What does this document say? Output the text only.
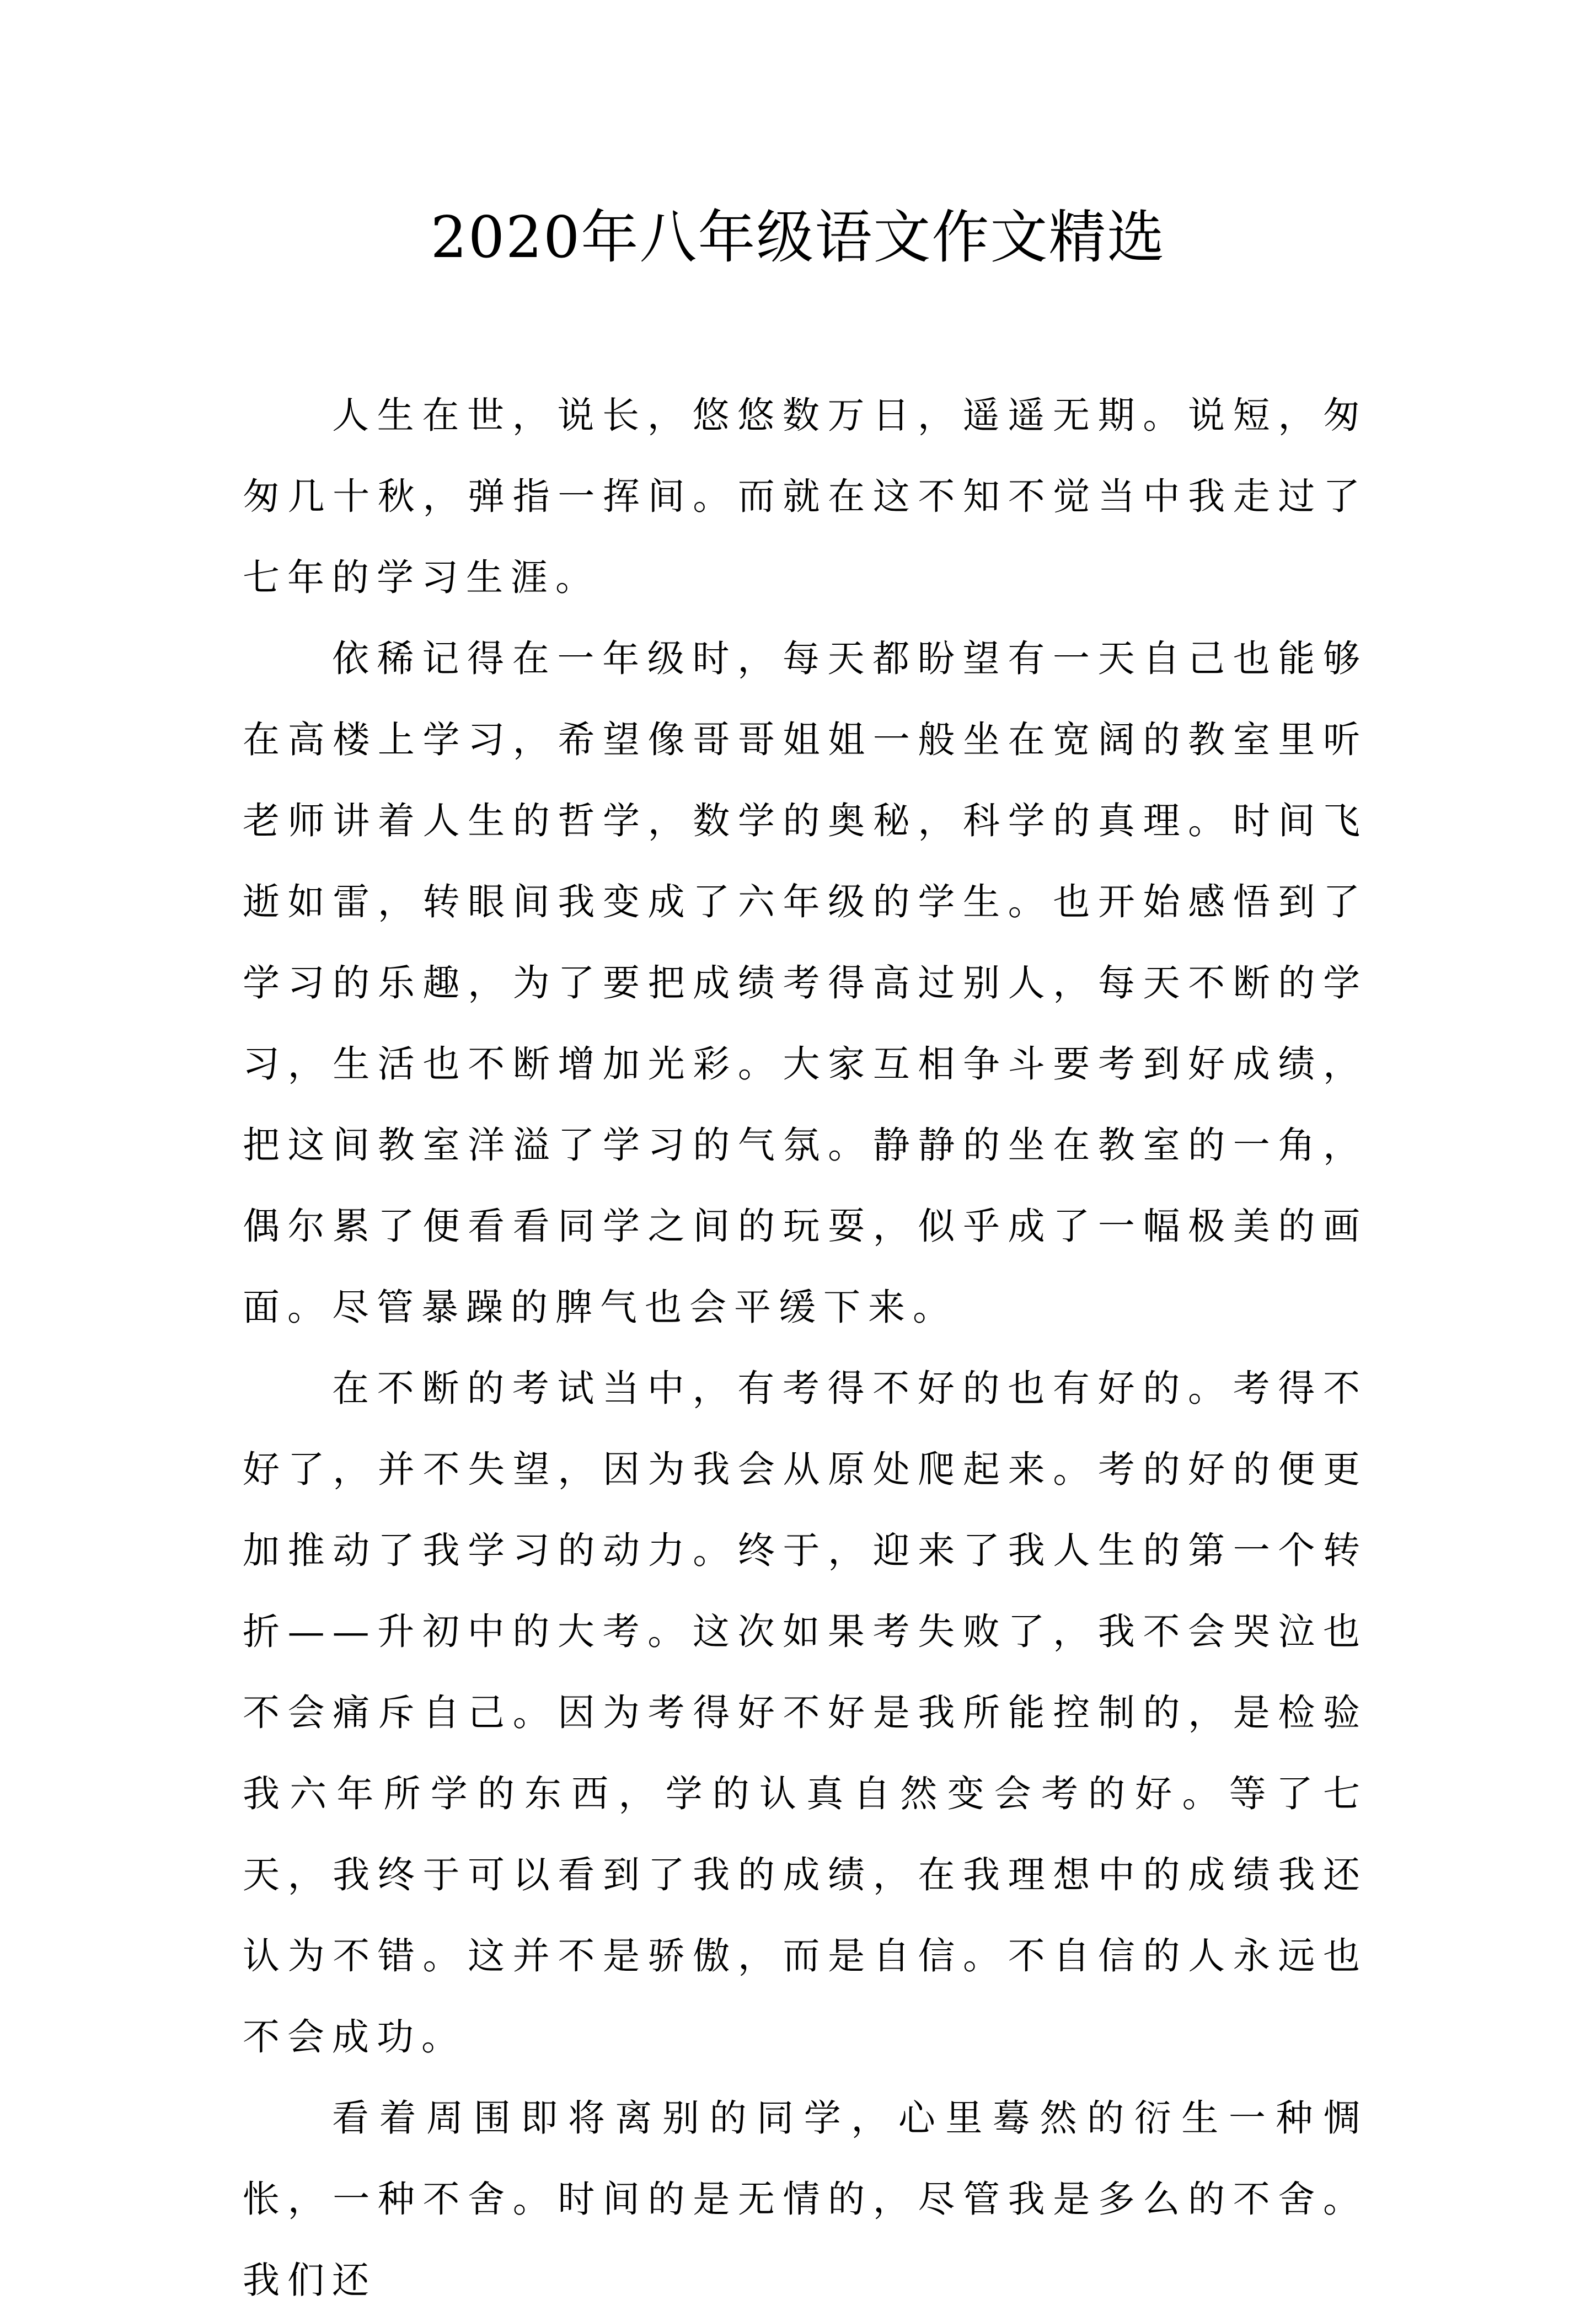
2020年八年级语文作文精选

人生在世，说长，悠悠数万日，遥遥无期。说短，匆匆几十秋，弹指一挥间。而就在这不知不觉当中我走过了七年的学习生涯。

依稀记得在一年级时，每天都盼望有一天自己也能够在高楼上学习，希望像哥哥姐姐一般坐在宽阔的教室里听老师讲着人生的哲学，数学的奥秘，科学的真理。时间飞逝如雷，转眼间我变成了六年级的学生。也开始感悟到了学习的乐趣，为了要把成绩考得高过别人，每天不断的学习，生活也不断增加光彩。大家互相争斗要考到好成绩，把这间教室洋溢了学习的气氛。静静的坐在教室的一角，偶尔累了便看看同学之间的玩耍，似乎成了一幅极美的画面。尽管暴躁的脾气也会平缓下来。

在不断的考试当中，有考得不好的也有好的。考得不好了，并不失望，因为我会从原处爬起来。考的好的便更加推动了我学习的动力。终于，迎来了我人生的第一个转折——升初中的大考。这次如果考失败了，我不会哭泣也不会痛斥自己。因为考得好不好是我所能控制的，是检验我六年所学的东西，学的认真自然变会考的好。等了七天，我终于可以看到了我的成绩，在我理想中的成绩我还认为不错。这并不是骄傲，而是自信。不自信的人永远也不会成功。

看着周围即将离别的同学，心里蓦然的衍生一种惆怅，一种不舍。时间的是无情的，尽管我是多么的不舍。我们还
